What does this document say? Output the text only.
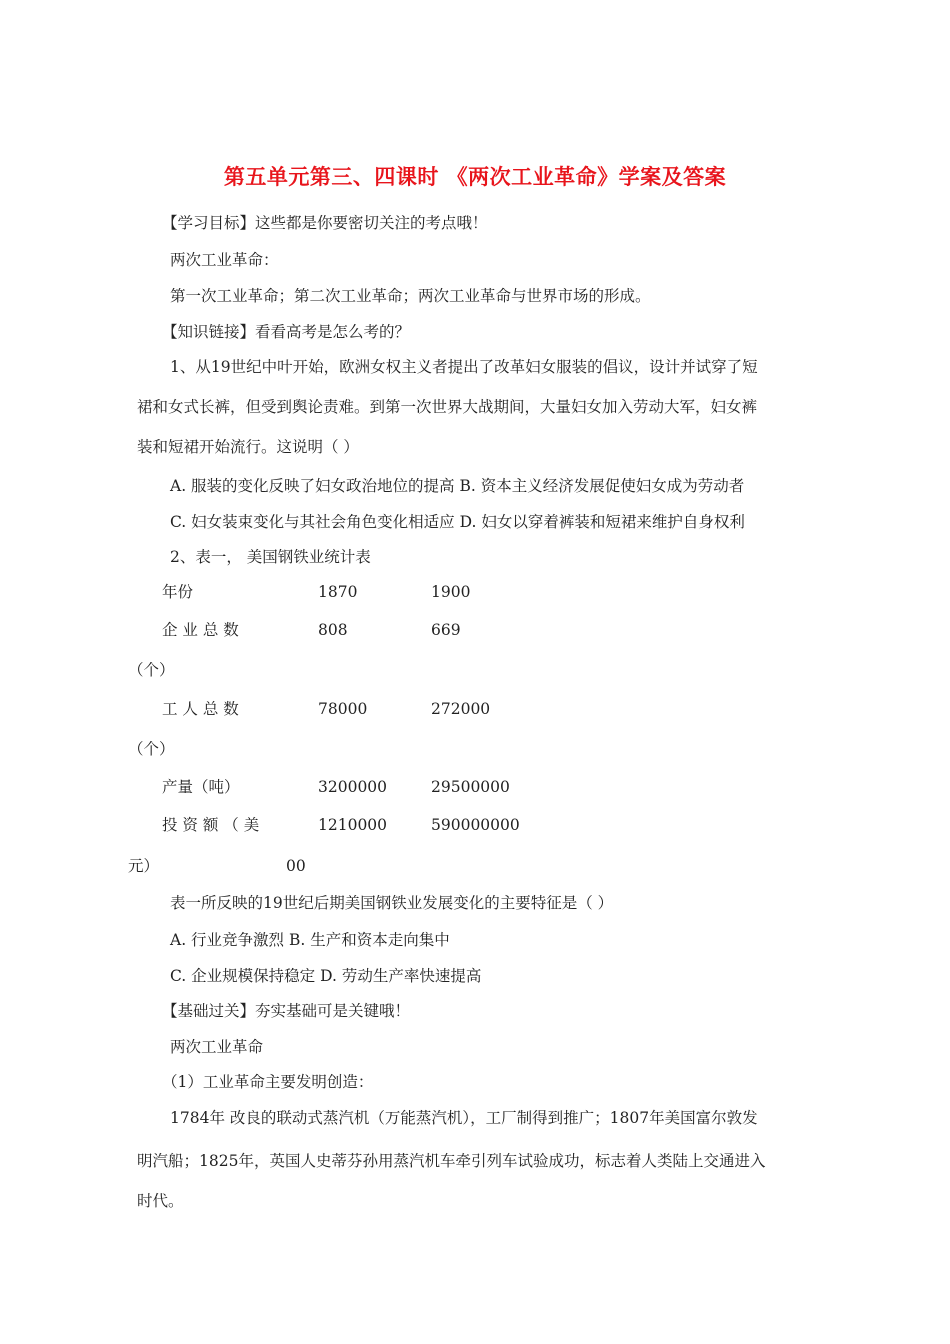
第五单元第三、四课时 《两次工业革命》学案及答案
【学习目标】这些都是你要密切关注的考点哦！
两次工业革命：
第一次工业革命；第二次工业革命；两次工业革命与世界市场的形成。
【知识链接】看看高考是怎么考的？
1、从19世纪中叶开始，欧洲女权主义者提出了改革妇女服装的倡议，设计并试穿了短
裙和女式长裤，但受到舆论责难。到第一次世界大战期间，大量妇女加入劳动大军，妇女裤
装和短裙开始流行。这说明（ ）
A. 服装的变化反映了妇女政治地位的提高 B. 资本主义经济发展促使妇女成为劳动者
C. 妇女装束变化与其社会角色变化相适应 D. 妇女以穿着裤装和短裙来维护自身权利
2、表一， 美国钢铁业统计表
年份	1870	1900
企 业 总 数	808	669
（个）
工 人 总 数	78000	272000
（个）
产量（吨）	3200000	29500000
投 资 额 （ 美	1210000	590000000
元）	00
表一所反映的19世纪后期美国钢铁业发展变化的主要特征是（ ）
A. 行业竞争激烈 B. 生产和资本走向集中
C. 企业规模保持稳定 D. 劳动生产率快速提高
【基础过关】夯实基础可是关键哦！
两次工业革命
（1）工业革命主要发明创造：
1784年 改良的联动式蒸汽机（万能蒸汽机），工厂制得到推广；1807年美国富尔敦发
明汽船；1825年，英国人史蒂芬孙用蒸汽机车牵引列车试验成功，标志着人类陆上交通进入
时代。
